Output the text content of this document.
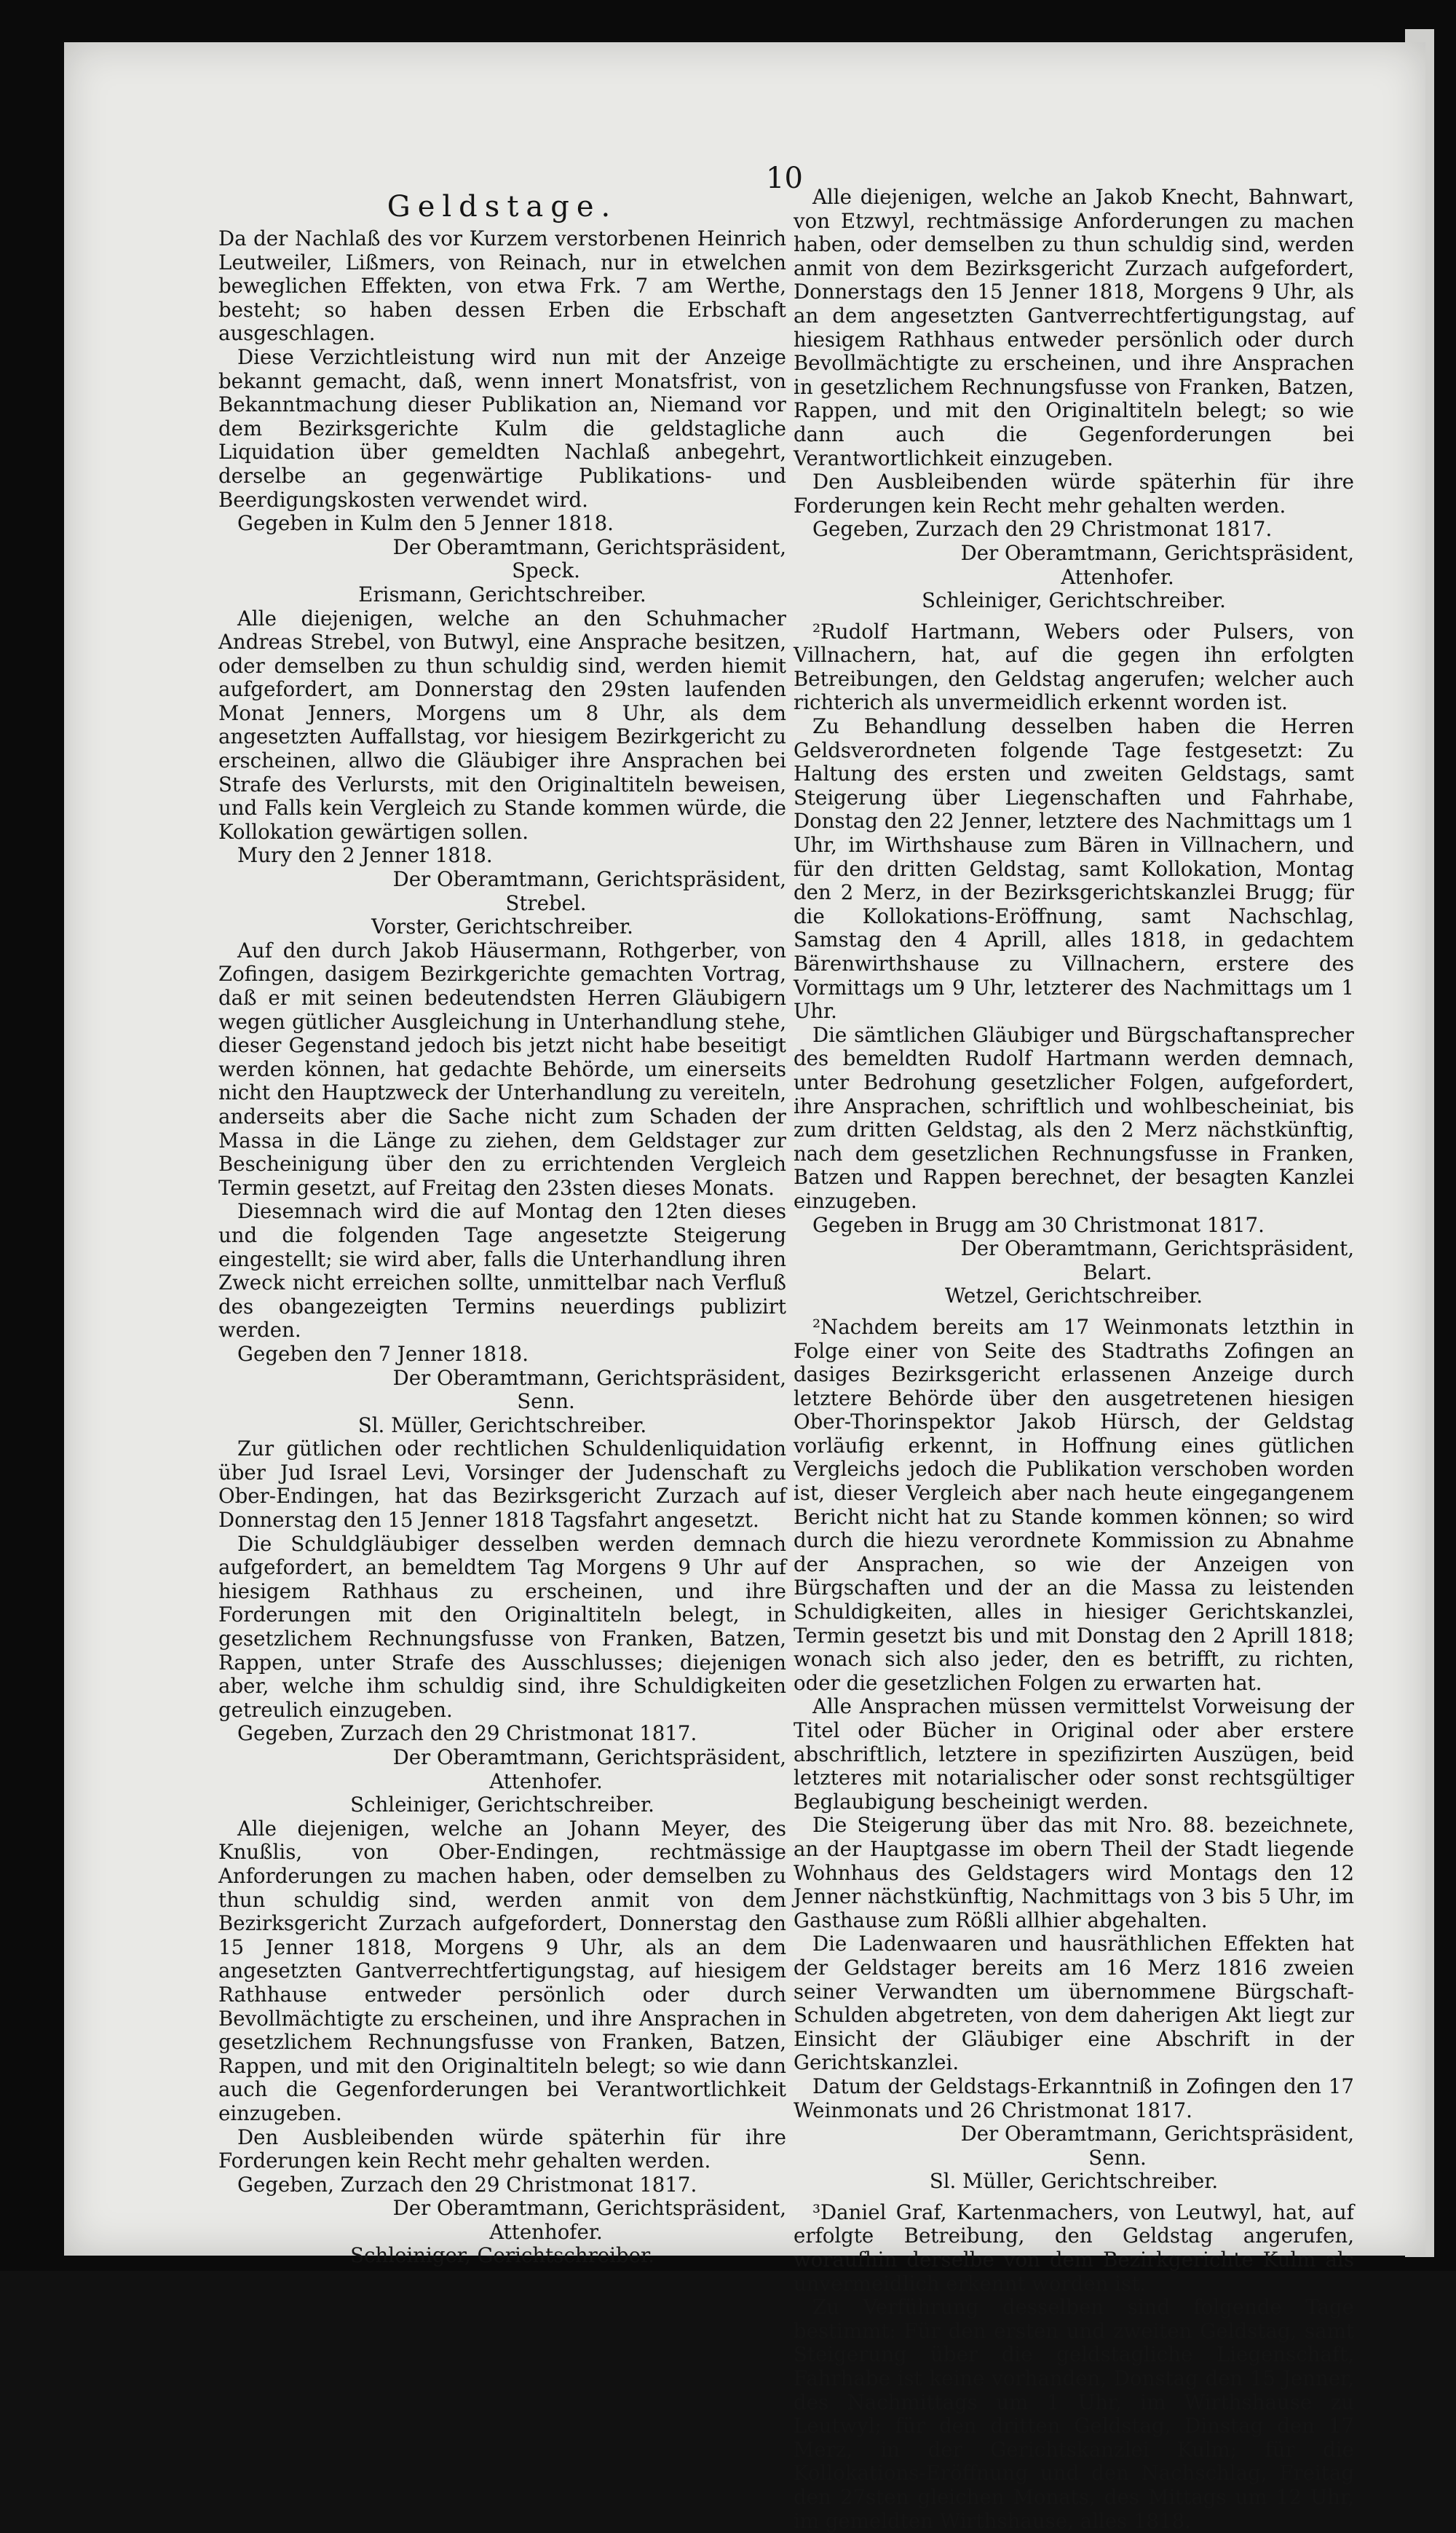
10
Geldstage.

Da der Nachlaß des vor Kurzem verstorbenen Heinrich Leutweiler, Lißmers, von Reinach, nur in etwelchen beweglichen Effekten, von etwa Frk. 7 am Werthe, besteht; so haben dessen Erben die Erbschaft ausgeschlagen.

Diese Verzichtleistung wird nun mit der Anzeige bekannt gemacht, daß, wenn innert Monatsfrist, von Bekanntmachung dieser Publikation an, Niemand vor dem Bezirksgerichte Kulm die geldstagliche Liquidation über gemeldten Nachlaß anbegehrt, derselbe an gegenwärtige Publikations- und Beerdigungskosten verwendet wird.

Gegeben in Kulm den 5 Jenner 1818.

Der Oberamtmann, Gerichtspräsident,

Speck.

Erismann, Gerichtschreiber.

Alle diejenigen, welche an den Schuhmacher Andreas Strebel, von Butwyl, eine Ansprache besitzen, oder demselben zu thun schuldig sind, werden hiemit aufgefordert, am Donnerstag den 29sten laufenden Monat Jenners, Morgens um 8 Uhr, als dem angesetzten Auffallstag, vor hiesigem Bezirkgericht zu erscheinen, allwo die Gläubiger ihre Ansprachen bei Strafe des Verlursts, mit den Originaltiteln beweisen, und Falls kein Vergleich zu Stande kommen würde, die Kollokation gewärtigen sollen.

Mury den 2 Jenner 1818.

Der Oberamtmann, Gerichtspräsident,

Strebel.

Vorster, Gerichtschreiber.

Auf den durch Jakob Häusermann, Rothgerber, von Zofingen, dasigem Bezirkgerichte gemachten Vortrag, daß er mit seinen bedeutendsten Herren Gläubigern wegen gütlicher Ausgleichung in Unterhandlung stehe, dieser Gegenstand jedoch bis jetzt nicht habe beseitigt werden können, hat gedachte Behörde, um einerseits nicht den Hauptzweck der Unterhandlung zu vereiteln, anderseits aber die Sache nicht zum Schaden der Massa in die Länge zu ziehen, dem Geldstager zur Bescheinigung über den zu errichtenden Vergleich Termin gesetzt, auf Freitag den 23sten dieses Monats.

Diesemnach wird die auf Montag den 12ten dieses und die folgenden Tage angesetzte Steigerung eingestellt; sie wird aber, falls die Unterhandlung ihren Zweck nicht erreichen sollte, unmittelbar nach Verfluß des obangezeigten Termins neuerdings publizirt werden.

Gegeben den 7 Jenner 1818.

Der Oberamtmann, Gerichtspräsident,

Senn.

Sl. Müller, Gerichtschreiber.

Zur gütlichen oder rechtlichen Schuldenliquidation über Jud Israel Levi, Vorsinger der Judenschaft zu Ober-Endingen, hat das Bezirksgericht Zurzach auf Donnerstag den 15 Jenner 1818 Tagsfahrt angesetzt.

Die Schuldgläubiger desselben werden demnach aufgefordert, an bemeldtem Tag Morgens 9 Uhr auf hiesigem Rathhaus zu erscheinen, und ihre Forderungen mit den Originaltiteln belegt, in gesetzlichem Rechnungsfusse von Franken, Batzen, Rappen, unter Strafe des Ausschlusses; diejenigen aber, welche ihm schuldig sind, ihre Schuldigkeiten getreulich einzugeben.

Gegeben, Zurzach den 29 Christmonat 1817.

Der Oberamtmann, Gerichtspräsident,

Attenhofer.

Schleiniger, Gerichtschreiber.

Alle diejenigen, welche an Johann Meyer, des Knußlis, von Ober-Endingen, rechtmässige Anforderungen zu machen haben, oder demselben zu thun schuldig sind, werden anmit von dem Bezirksgericht Zurzach aufgefordert, Donnerstag den 15 Jenner 1818, Morgens 9 Uhr, als an dem angesetzten Gantverrechtfertigungstag, auf hiesigem Rathhause entweder persönlich oder durch Bevollmächtigte zu erscheinen, und ihre Ansprachen in gesetzlichem Rechnungsfusse von Franken, Batzen, Rappen, und mit den Originaltiteln belegt; so wie dann auch die Gegenforderungen bei Verantwortlichkeit einzugeben.

Den Ausbleibenden würde späterhin für ihre Forderungen kein Recht mehr gehalten werden.

Gegeben, Zurzach den 29 Christmonat 1817.

Der Oberamtmann, Gerichtspräsident,

Attenhofer.

Schleiniger, Gerichtschreiber.

Alle diejenigen, welche an Jakob Knecht, Bahnwart, von Etzwyl, rechtmässige Anforderungen zu machen haben, oder demselben zu thun schuldig sind, werden anmit von dem Bezirksgericht Zurzach aufgefordert, Donnerstags den 15 Jenner 1818, Morgens 9 Uhr, als an dem angesetzten Gantverrechtfertigungstag, auf hiesigem Rathhaus entweder persönlich oder durch Bevollmächtigte zu erscheinen, und ihre Ansprachen in gesetzlichem Rechnungsfusse von Franken, Batzen, Rappen, und mit den Originaltiteln belegt; so wie dann auch die Gegenforderungen bei Verantwortlichkeit einzugeben.

Den Ausbleibenden würde späterhin für ihre Forderungen kein Recht mehr gehalten werden.

Gegeben, Zurzach den 29 Christmonat 1817.

Der Oberamtmann, Gerichtspräsident,

Attenhofer.

Schleiniger, Gerichtschreiber.

²Rudolf Hartmann, Webers oder Pulsers, von Villnachern, hat, auf die gegen ihn erfolgten Betreibungen, den Geldstag angerufen; welcher auch richterich als unvermeidlich erkennt worden ist.

Zu Behandlung desselben haben die Herren Geldsverordneten folgende Tage festgesetzt: Zu Haltung des ersten und zweiten Geldstags, samt Steigerung über Liegenschaften und Fahrhabe, Donstag den 22 Jenner, letztere des Nachmittags um 1 Uhr, im Wirthshause zum Bären in Villnachern, und für den dritten Geldstag, samt Kollokation, Montag den 2 Merz, in der Bezirksgerichtskanzlei Brugg; für die Kollokations-Eröffnung, samt Nachschlag, Samstag den 4 Aprill, alles 1818, in gedachtem Bärenwirthshause zu Villnachern, erstere des Vormittags um 9 Uhr, letzterer des Nachmittags um 1 Uhr.

Die sämtlichen Gläubiger und Bürgschaftansprecher des bemeldten Rudolf Hartmann werden demnach, unter Bedrohung gesetzlicher Folgen, aufgefordert, ihre Ansprachen, schriftlich und wohlbescheiniat, bis zum dritten Geldstag, als den 2 Merz nächstkünftig, nach dem gesetzlichen Rechnungsfusse in Franken, Batzen und Rappen berechnet, der besagten Kanzlei einzugeben.

Gegeben in Brugg am 30 Christmonat 1817.

Der Oberamtmann, Gerichtspräsident,

Belart.

Wetzel, Gerichtschreiber.

²Nachdem bereits am 17 Weinmonats letzthin in Folge einer von Seite des Stadtraths Zofingen an dasiges Bezirksgericht erlassenen Anzeige durch letztere Behörde über den ausgetretenen hiesigen Ober-Thorinspektor Jakob Hürsch, der Geldstag vorläufig erkennt, in Hoffnung eines gütlichen Vergleichs jedoch die Publikation verschoben worden ist, dieser Vergleich aber nach heute eingegangenem Bericht nicht hat zu Stande kommen können; so wird durch die hiezu verordnete Kommission zu Abnahme der Ansprachen, so wie der Anzeigen von Bürgschaften und der an die Massa zu leistenden Schuldigkeiten, alles in hiesiger Gerichtskanzlei, Termin gesetzt bis und mit Donstag den 2 Aprill 1818; wonach sich also jeder, den es betrifft, zu richten, oder die gesetzlichen Folgen zu erwarten hat.

Alle Ansprachen müssen vermittelst Vorweisung der Titel oder Bücher in Original oder aber erstere abschriftlich, letztere in spezifizirten Auszügen, beid letzteres mit notarialischer oder sonst rechtsgültiger Beglaubigung bescheinigt werden.

Die Steigerung über das mit Nro. 88. bezeichnete, an der Hauptgasse im obern Theil der Stadt liegende Wohnhaus des Geldstagers wird Montags den 12 Jenner nächstkünftig, Nachmittags von 3 bis 5 Uhr, im Gasthause zum Rößli allhier abgehalten.

Die Ladenwaaren und hausräthlichen Effekten hat der Geldstager bereits am 16 Merz 1816 zweien seiner Verwandten um übernommene Bürgschaft-Schulden abgetreten, von dem daherigen Akt liegt zur Einsicht der Gläubiger eine Abschrift in der Gerichtskanzlei.

Datum der Geldstags-Erkanntniß in Zofingen den 17 Weinmonats und 26 Christmonat 1817.

Der Oberamtmann, Gerichtspräsident,

Senn.

Sl. Müller, Gerichtschreiber.

³Daniel Graf, Kartenmachers, von Leutwyl, hat, auf erfolgte Betreibung, den Geldstag angerufen, woraufhin derselbe von dem Bezirkgerichte Kulm als unvermeidlich erkennt worden ist.

Zu Verführung desselben sind folgende Tage bestimmt: Für den ersten und zweiten Geldstag, samt Steigerung über die geldstagliche Liegenschaft, Fahrhabe ist keine vorhanden, Donstag den 15 Jenner, des Nachmittags um 1 Uhr, im Wirthshause zu Leutwyl; für den dritten Geldstag, Dinstag den 17 Merz, in der Gerichtskanzlei Kulm; für die Kollokations-Eröffnung und den Nachschlag, Freitag den 27sten gleichen Monats, des Mittags um 12 Uhr, im gemeldten Wirthshause, alles 1818.
